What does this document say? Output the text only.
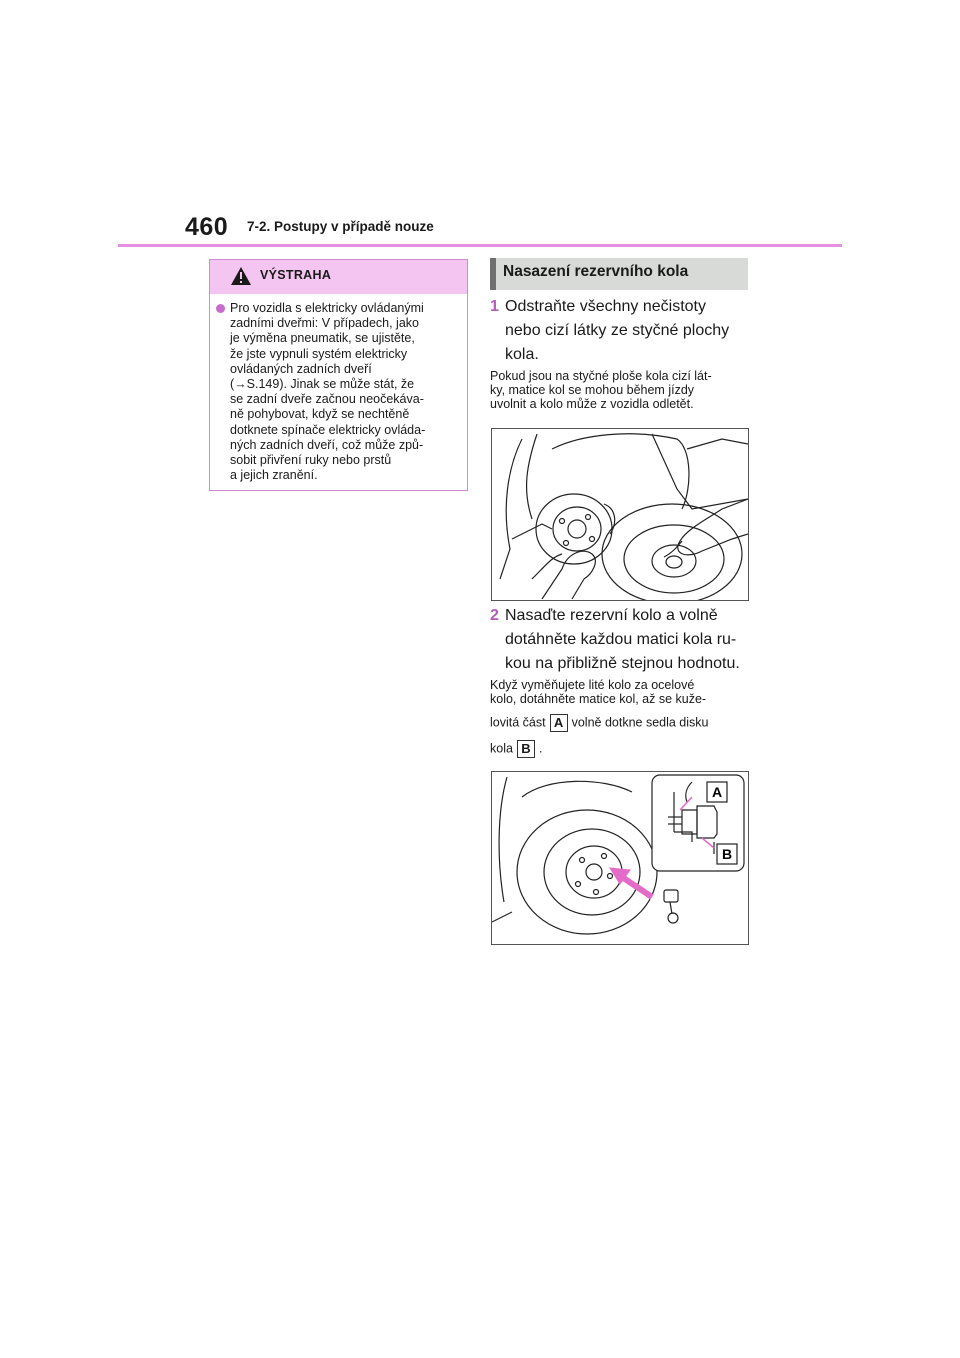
460 7-2. Postupy v případě nouze
VÝSTRAHA
Pro vozidla s elektricky ovládanými
zadními dveřmi: V případech, jako
je výměna pneumatik, se ujistěte,
že jste vypnuli systém elektricky
ovládaných zadních dveří
(→S.149). Jinak se může stát, že
se zadní dveře začnou neočekáva-
ně pohybovat, když se nechtěně
dotknete spínače elektricky ovláda-
ných zadních dveří, což může způ-
sobit přivření ruky nebo prstů
a jejich zranění.
Nasazení rezervního kola
1 Odstraňte všechny nečistoty
nebo cizí látky ze styčné plochy
kola.
Pokud jsou na styčné ploše kola cizí lát-
ky, matice kol se mohou během jízdy
uvolnit a kolo může z vozidla odletět.
2 Nasaďte rezervní kolo a volně
dotáhněte každou matici kola ru-
kou na přibližně stejnou hodnotu.
Když vyměňujete lité kolo za ocelové
kolo, dotáhněte matice kol, až se kuže-
lovitá část A volně dotkne sedla disku
kola B .
A
B
